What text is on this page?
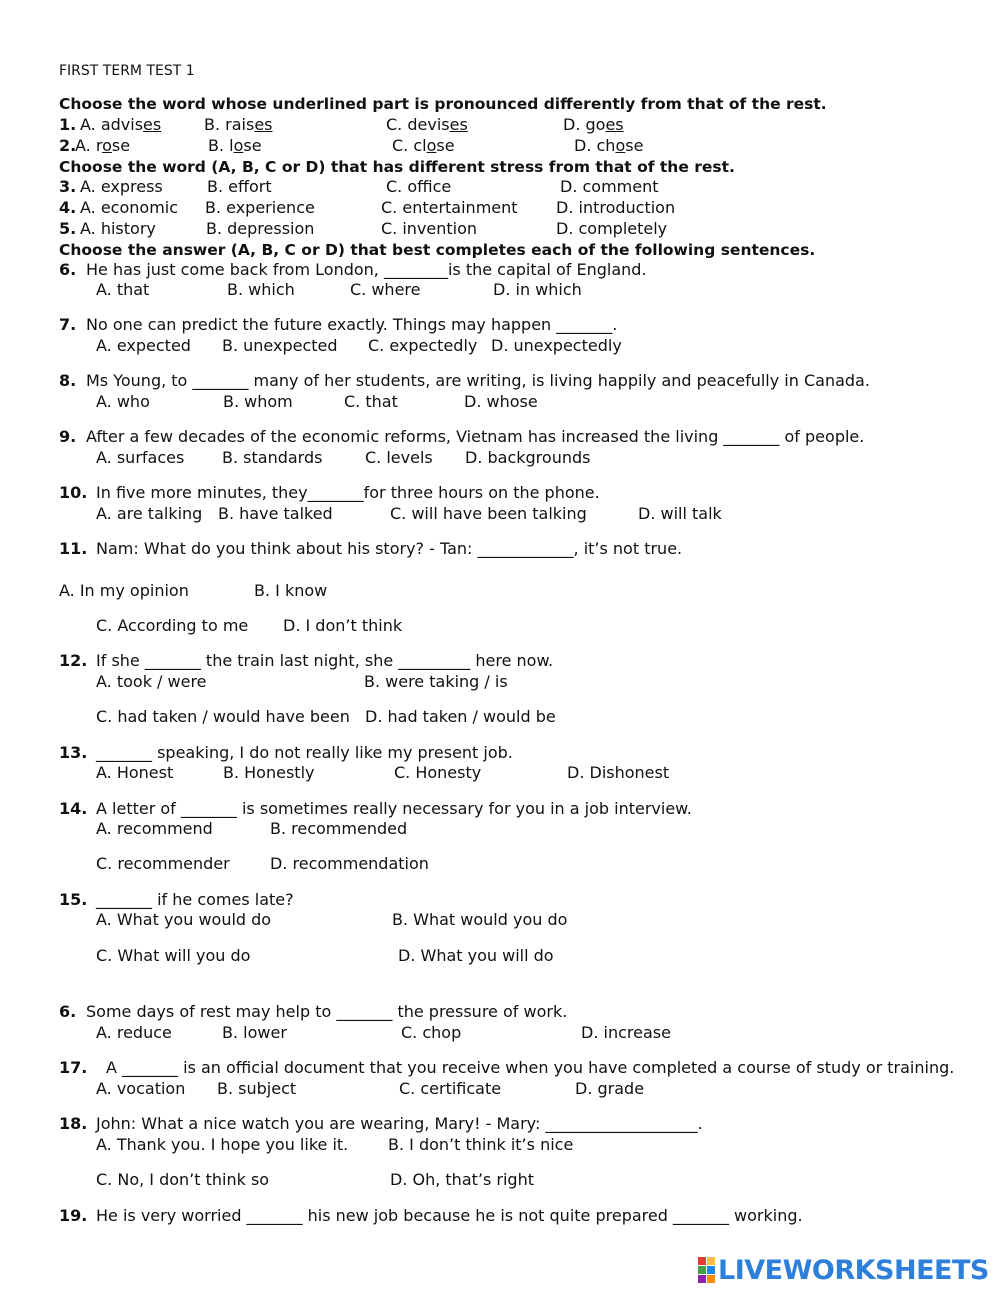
FIRST TERM TEST 1
Choose the word whose underlined part is pronounced differently from that of the rest.
1. A. advises	B. raises	C. devises	D. goes
2.
A. rose	B. lose	C. close	D. chose
Choose the word (A, B, C or D) that has different stress from that of the rest.
3. A. express	B. effort	C. office	D. comment
4. A. economic B. experience	C. entertainment D. introduction
5. A. history	B. depression	C. invention	D. completely
Choose the answer (A, B, C or D) that best completes each of the following sentences.
6. He has just come back from London, ________is the capital of England.
A. that	B. which	C. where	D. in which
7. No one can predict the future exactly. Things may happen _______.
A. expected B. unexpected C. expectedly D. unexpectedly
8. Ms Young, to _______ many of her students, are writing, is living happily and peacefully in Canada.
A. who	B. whom	C. that	D. whose
9. After a few decades of the economic reforms, Vietnam has increased the living _______ of people.
A. surfaces B. standards	C. levels D. backgrounds
10. In five more minutes, they_______for three hours on the phone.
A. are talking B. have talked	C. will have been talking	D. will talk
11. Nam: What do you think about his story? - Tan: ____________, it’s not true.
A. In my opinion	B. I know
C. According to me D. I don’t think
12. If she _______ the train last night, she _________ here now.
A. took / were	B. were taking / is
C. had taken / would have been D. had taken / would be
13. _______ speaking, I do not really like my present job.
A. Honest	B. Honestly	C. Honesty	D. Dishonest
14. A letter of _______ is sometimes really necessary for you in a job interview.
A. recommend	B. recommended
C. recommender	D. recommendation
15. _______ if he comes late?
A. What you would do	B. What would you do
C. What will you do	D. What you will do
6. Some days of rest may help to _______ the pressure of work.
A. reduce	B. lower	C. chop	D. increase
17. A _______ is an official document that you receive when you have completed a course of study or training.
A. vocation B. subject	C. certificate	D. grade
18. John: What a nice watch you are wearing, Mary! - Mary: ___________________.
A. Thank you. I hope you like it. B. I don’t think it’s nice
C. No, I don’t think so	D. Oh, that’s right
19. He is very worried _______ his new job because he is not quite prepared _______ working.
LIVEWORKSHEETS
